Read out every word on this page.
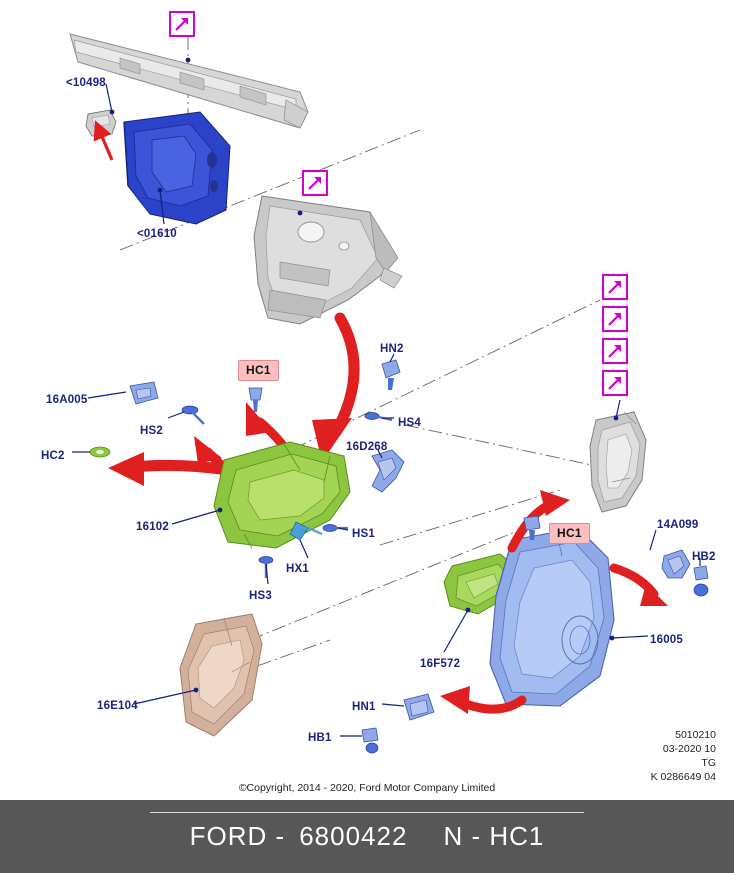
HC1
HC1
<10498
<01610
16A005
HS2
HC2
16102
HS3
HX1
HS1
HN2
HS4
16D268
16E104
16F572
HN1
HB1
14A099
HB2
16005
5010210
03-2020 10
TG
K 0286649 04
©Copyright, 2014 - 2020, Ford Motor Company Limited
FORD - 6800422 N - HC1
